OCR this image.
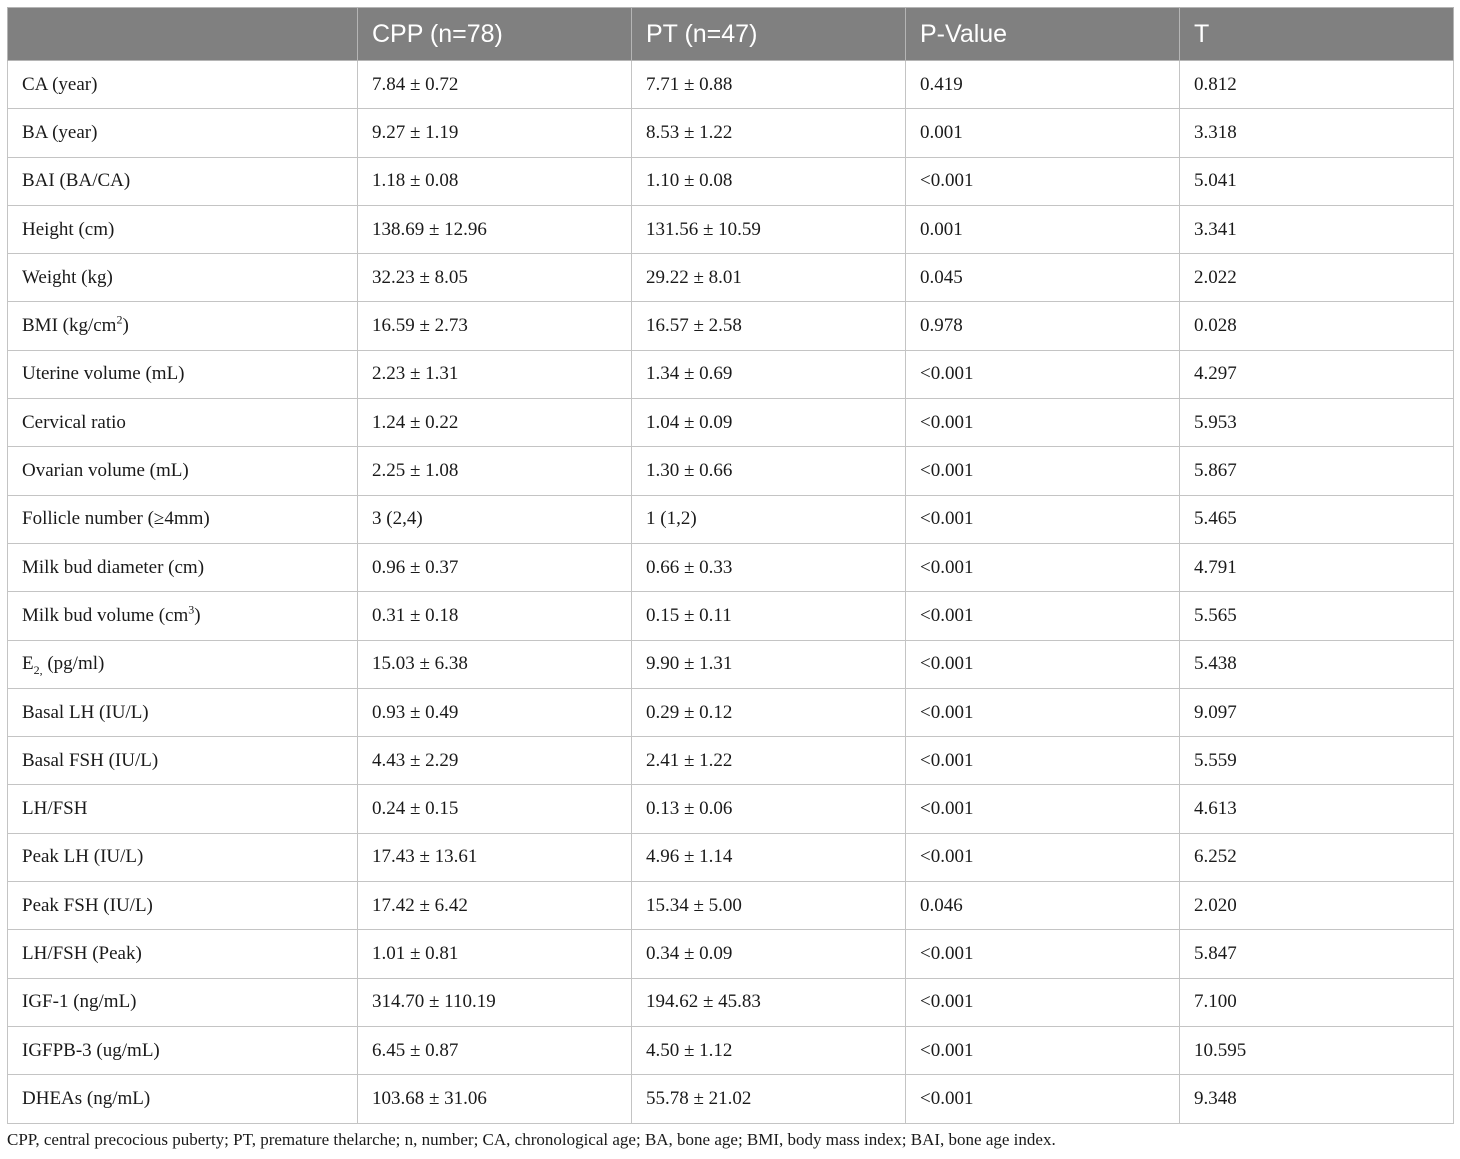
	CPP (n=78)	PT (n=47)	P-Value	T
CA (year)	7.84 ± 0.72	7.71 ± 0.88	0.419	0.812
BA (year)	9.27 ± 1.19	8.53 ± 1.22	0.001	3.318
BAI (BA/CA)	1.18 ± 0.08	1.10 ± 0.08	<0.001	5.041
Height (cm)	138.69 ± 12.96	131.56 ± 10.59	0.001	3.341
Weight (kg)	32.23 ± 8.05	29.22 ± 8.01	0.045	2.022
BMI $(kg/cm^2)$	16.59 ± 2.73	16.57 ± 2.58	0.978	0.028
Uterine volume (mL)	2.23 ± 1.31	1.34 ± 0.69	<0.001	4.297
Cervical ratio	1.24 ± 0.22	1.04 ± 0.09	<0.001	5.953
Ovarian volume (mL)	2.25 ± 1.08	1.30 ± 0.66	<0.001	5.867
Follicle number (≥4mm)	3 (2,4)	1 (1,2)	<0.001	5.465
Milk bud diameter (cm)	0.96 ± 0.37	0.66 ± 0.33	<0.001	4.791
Milk bud volume $(cm^3)$	0.31 ± 0.18	0.15 ± 0.11	<0.001	5.565
$E_{2,}$ (pg/ml)	15.03 ± 6.38	9.90 ± 1.31	<0.001	5.438
Basal LH (IU/L)	0.93 ± 0.49	0.29 ± 0.12	<0.001	9.097
Basal FSH (IU/L)	4.43 ± 2.29	2.41 ± 1.22	<0.001	5.559
LH/FSH	0.24 ± 0.15	0.13 ± 0.06	<0.001	4.613
Peak LH (IU/L)	17.43 ± 13.61	4.96 ± 1.14	<0.001	6.252
Peak FSH (IU/L)	17.42 ± 6.42	15.34 ± 5.00	0.046	2.020
LH/FSH (Peak)	1.01 ± 0.81	0.34 ± 0.09	<0.001	5.847
IGF-1 (ng/mL)	314.70 ± 110.19	194.62 ± 45.83	<0.001	7.100
IGFPB-3 (ug/mL)	6.45 ± 0.87	4.50 ± 1.12	<0.001	10.595
DHEAs (ng/mL)	103.68 ± 31.06	55.78 ± 21.02	<0.001	9.348
CPP, central precocious puberty; PT, premature thelarche; n, number; CA, chronological age; BA, bone age; BMI, body mass index; BAI, bone age index.
